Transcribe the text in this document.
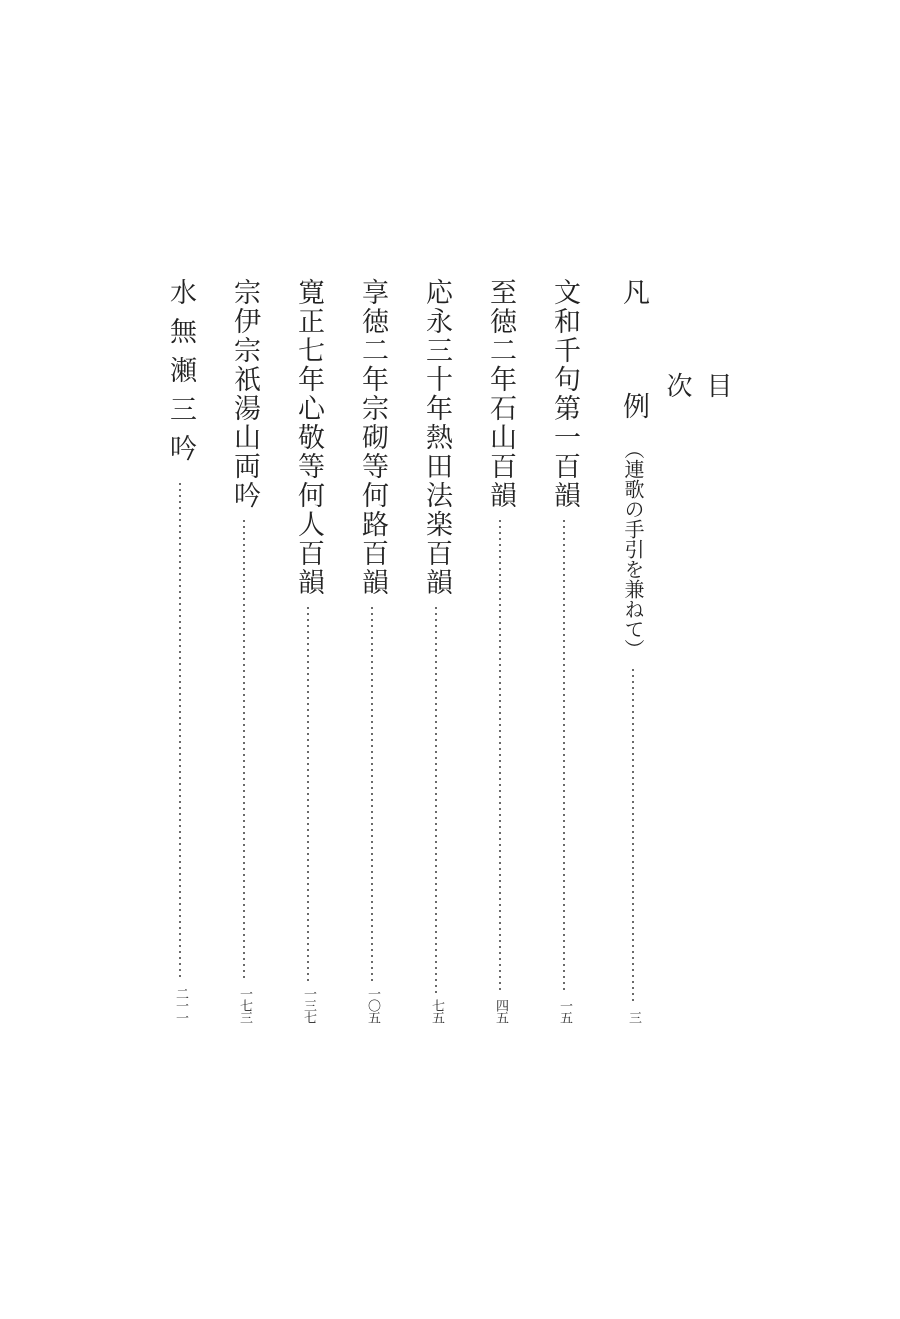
目　次
凡　例
（連歌の手引を兼ねて）
三
文和千句第一百韻
一五
至徳二年石山百韻
四五
応永三十年熱田法楽百韻
七五
享徳二年宗砌等何路百韻
一〇五
寛正七年心敬等何人百韻
一三七
宗伊宗祇湯山両吟
一七三
水無瀬三吟
二一一
